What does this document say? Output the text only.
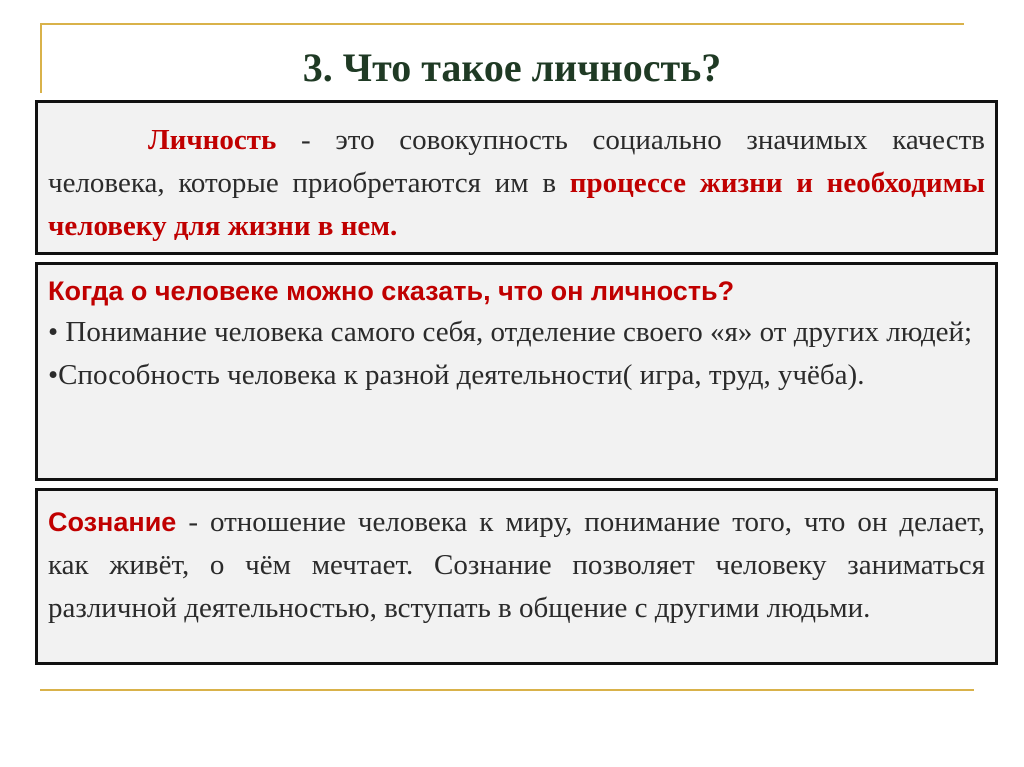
3. Что такое личность?

Личность - это совокупность социально значимых качеств человека, которые приобретаются им в процессе жизни и необходимы человеку для жизни в нем.

Когда о человеке можно сказать, что он личность?

• Понимание человека самого себя, отделение своего «я» от других людей;

•Способность человека к разной деятельности( игра, труд, учёба).

Сознание - отношение человека к миру, понимание того, что он делает, как живёт, о чём мечтает. Сознание позволяет человеку заниматься различной деятельностью, вступать в общение с другими людьми.
